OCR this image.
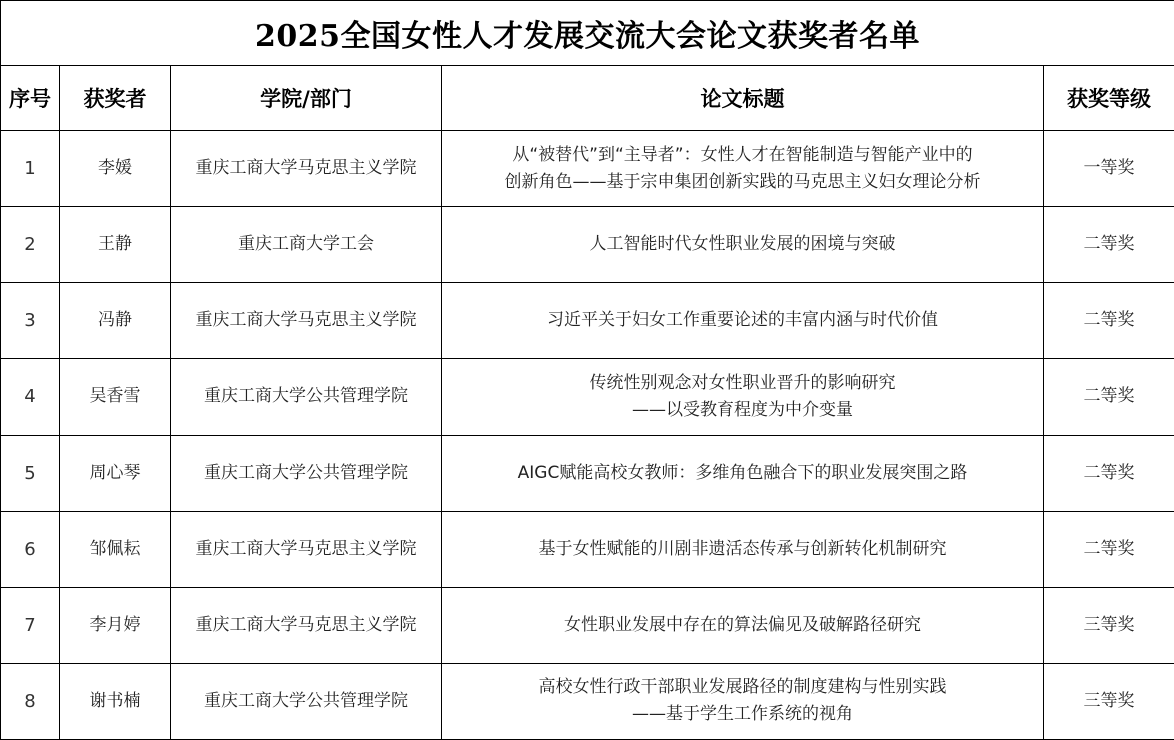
2025全国女性人才发展交流大会论文获奖者名单				
序号	获奖者	学院/部门	论文标题	获奖等级
1	李媛	重庆工商大学马克思主义学院	从“被替代”到“主导者”：女性人才在智能制造与智能产业中的
创新角色——基于宗申集团创新实践的马克思主义妇女理论分析	一等奖
2	王静	重庆工商大学工会	人工智能时代女性职业发展的困境与突破	二等奖
3	冯静	重庆工商大学马克思主义学院	习近平关于妇女工作重要论述的丰富内涵与时代价值	二等奖
4	吴香雪	重庆工商大学公共管理学院	传统性别观念对女性职业晋升的影响研究
——以受教育程度为中介变量	二等奖
5	周心琴	重庆工商大学公共管理学院	AIGC赋能高校女教师：多维角色融合下的职业发展突围之路	二等奖
6	邹佩耘	重庆工商大学马克思主义学院	基于女性赋能的川剧非遗活态传承与创新转化机制研究	二等奖
7	李月婷	重庆工商大学马克思主义学院	女性职业发展中存在的算法偏见及破解路径研究	三等奖
8	谢书楠	重庆工商大学公共管理学院	高校女性行政干部职业发展路径的制度建构与性别实践
——基于学生工作系统的视角	三等奖
